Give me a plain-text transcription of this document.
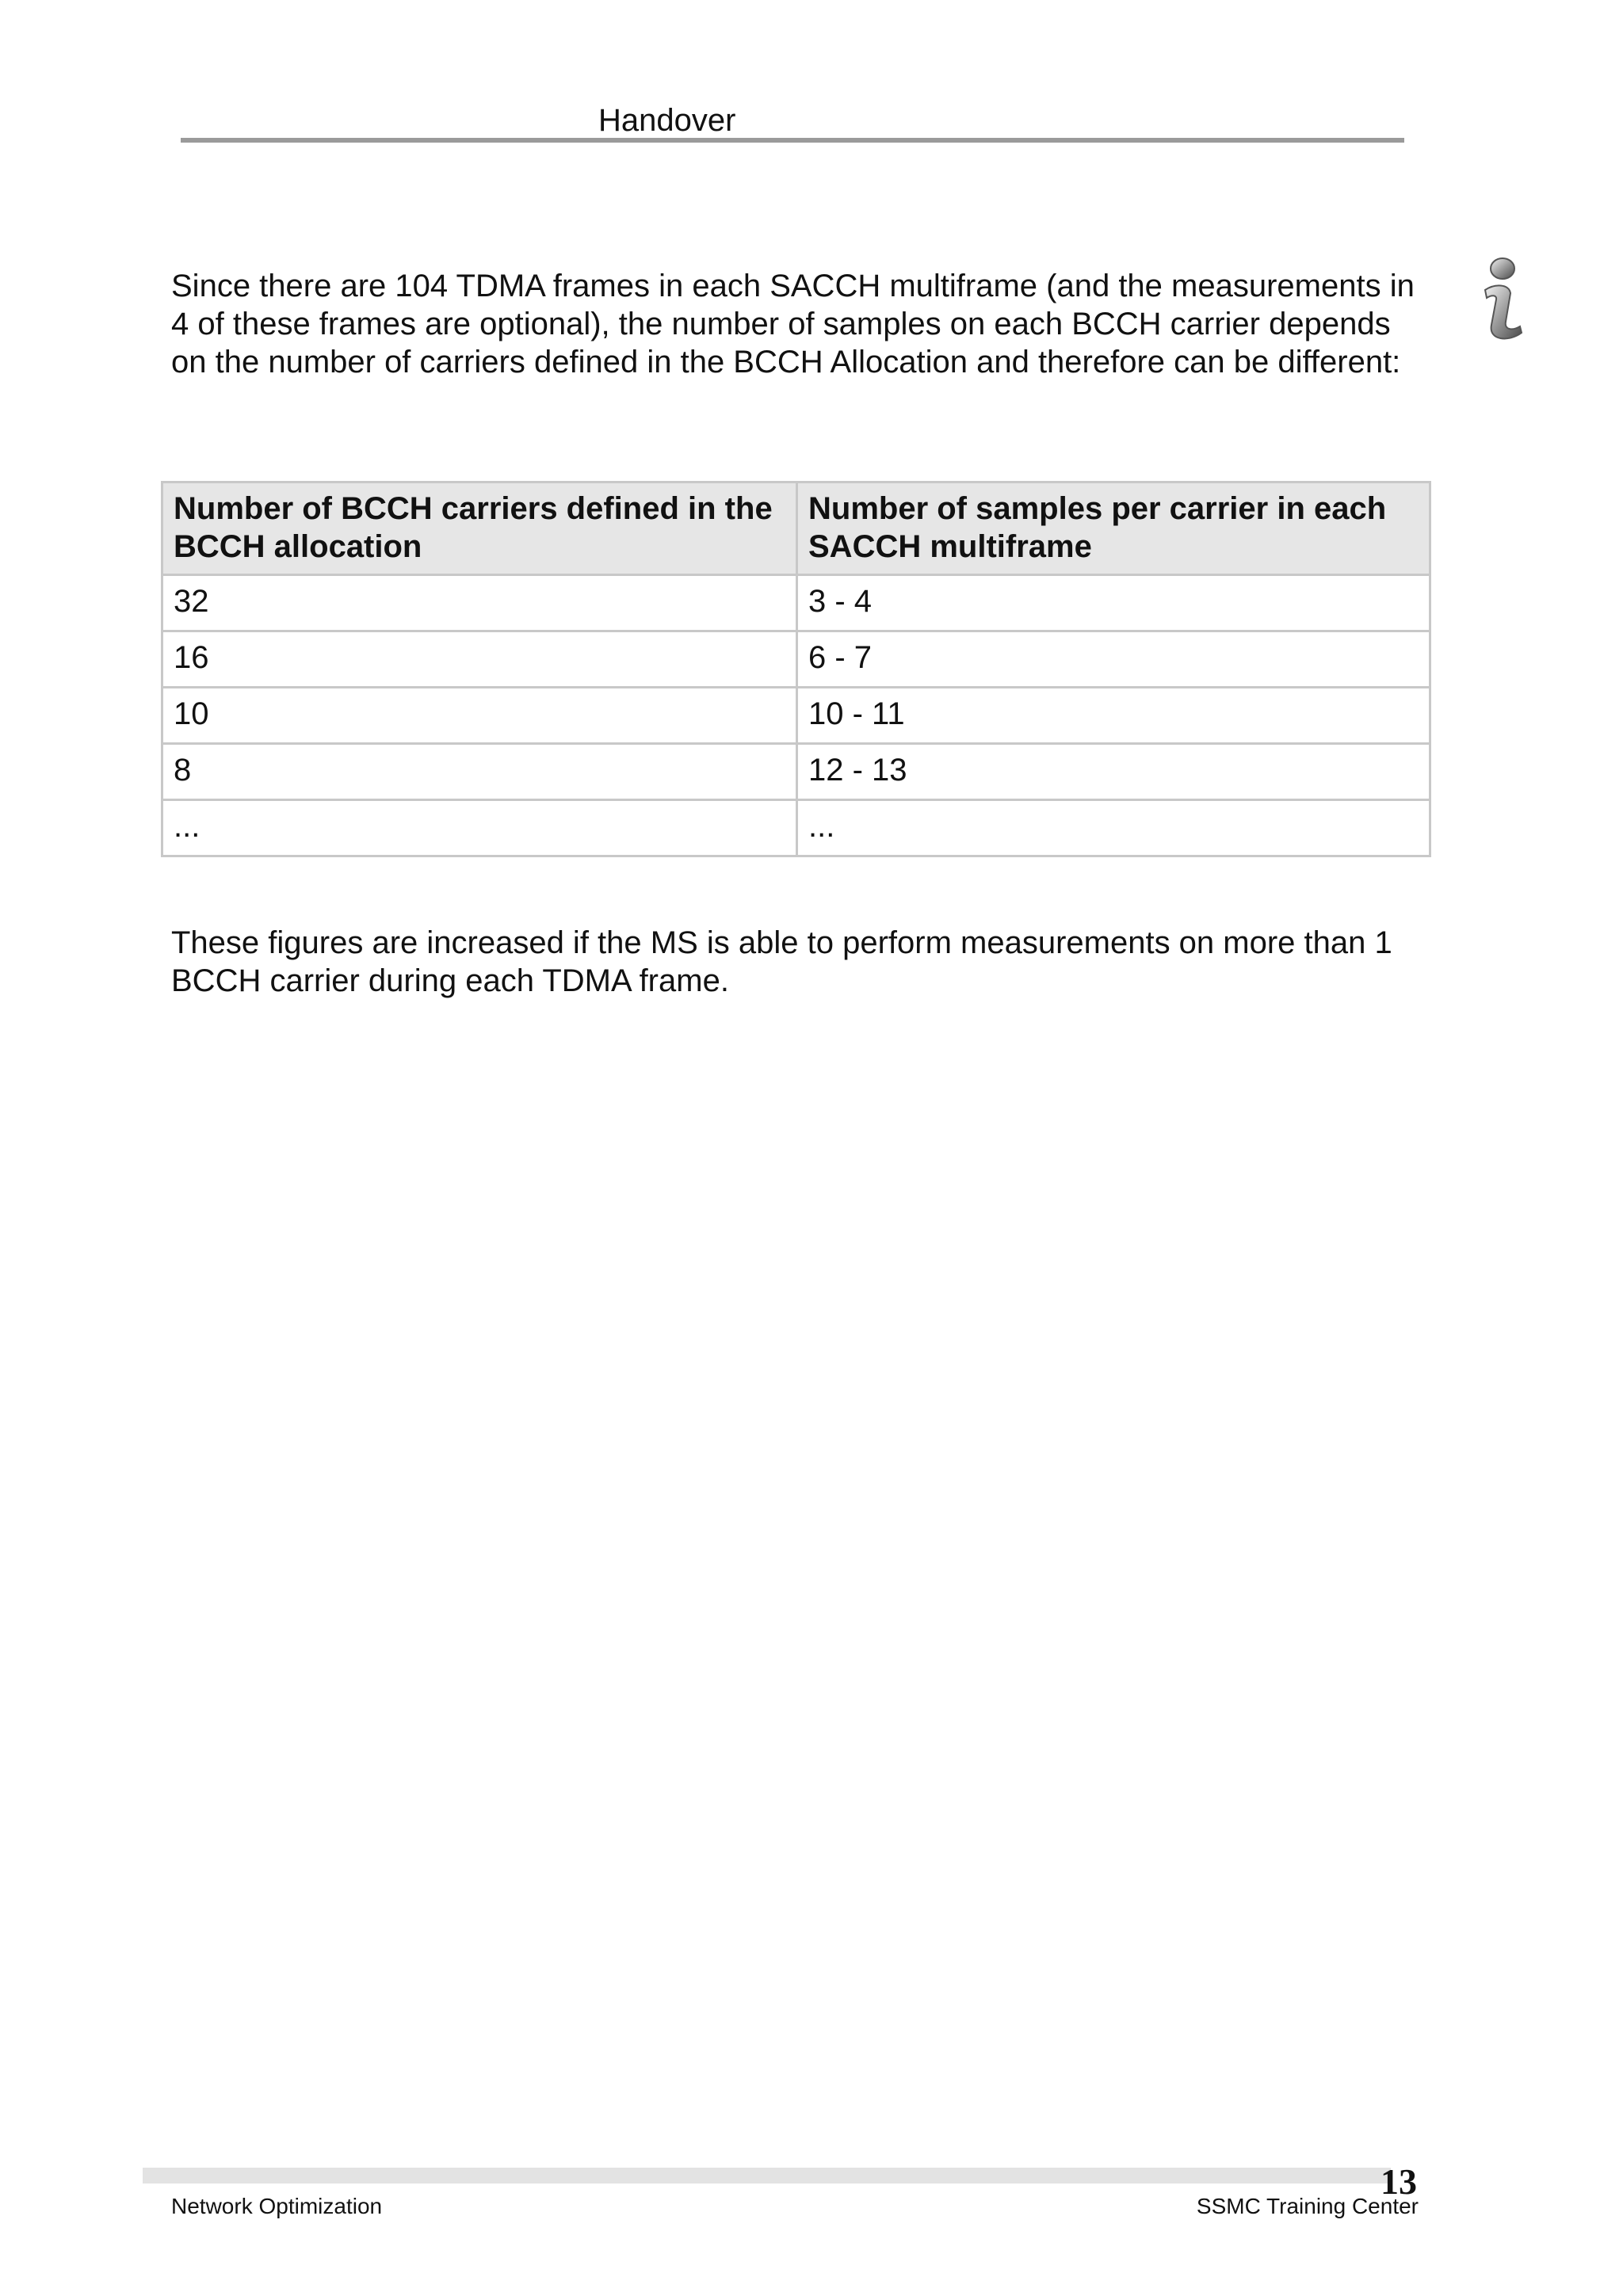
Handover

Since there are 104 TDMA frames in each SACCH multiframe (and the measurements in 4 of these frames are optional), the number of samples on each BCCH carrier depends on the number of carriers defined in the BCCH Allocation and therefore can be different:

Number of BCCH carriers defined in the BCCH allocation	Number of samples per carrier in each SACCH multiframe
32	3 - 4
16	6 - 7
10	10 - 11
8	12 - 13
...	...

These figures are increased if the MS is able to perform measurements on more than 1 BCCH carrier during each TDMA frame.

13
Network Optimization	SSMC Training Center
